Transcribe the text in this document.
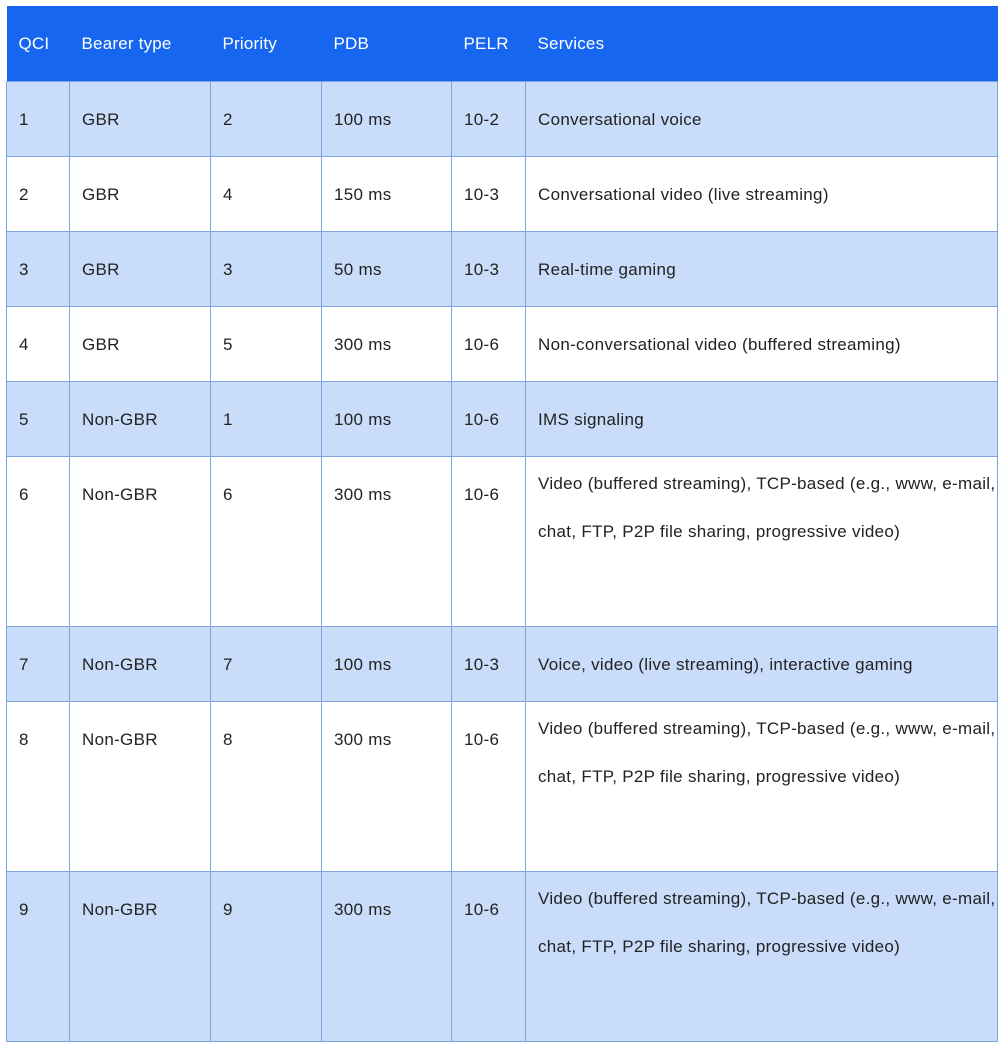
QCI	Bearer type	Priority	PDB	PELR	Services

1	GBR	2	100 ms	10-2	Conversational voice

2	GBR	4	150 ms	10-3	Conversational video (live streaming)

3	GBR	3	50 ms	10-3	Real-time gaming

4	GBR	5	300 ms	10-6	Non-conversational video (buffered streaming)

5	Non-GBR	1	100 ms	10-6	IMS signaling

6	Non-GBR	6	300 ms	10-6	Video (buffered streaming), TCP-based (e.g., www, e-mail, chat, FTP, P2P file sharing, progressive video)

7	Non-GBR	7	100 ms	10-3	Voice, video (live streaming), interactive gaming

8	Non-GBR	8	300 ms	10-6	Video (buffered streaming), TCP-based (e.g., www, e-mail, chat, FTP, P2P file sharing, progressive video)

9	Non-GBR	9	300 ms	10-6	Video (buffered streaming), TCP-based (e.g., www, e-mail, chat, FTP, P2P file sharing, progressive video)
